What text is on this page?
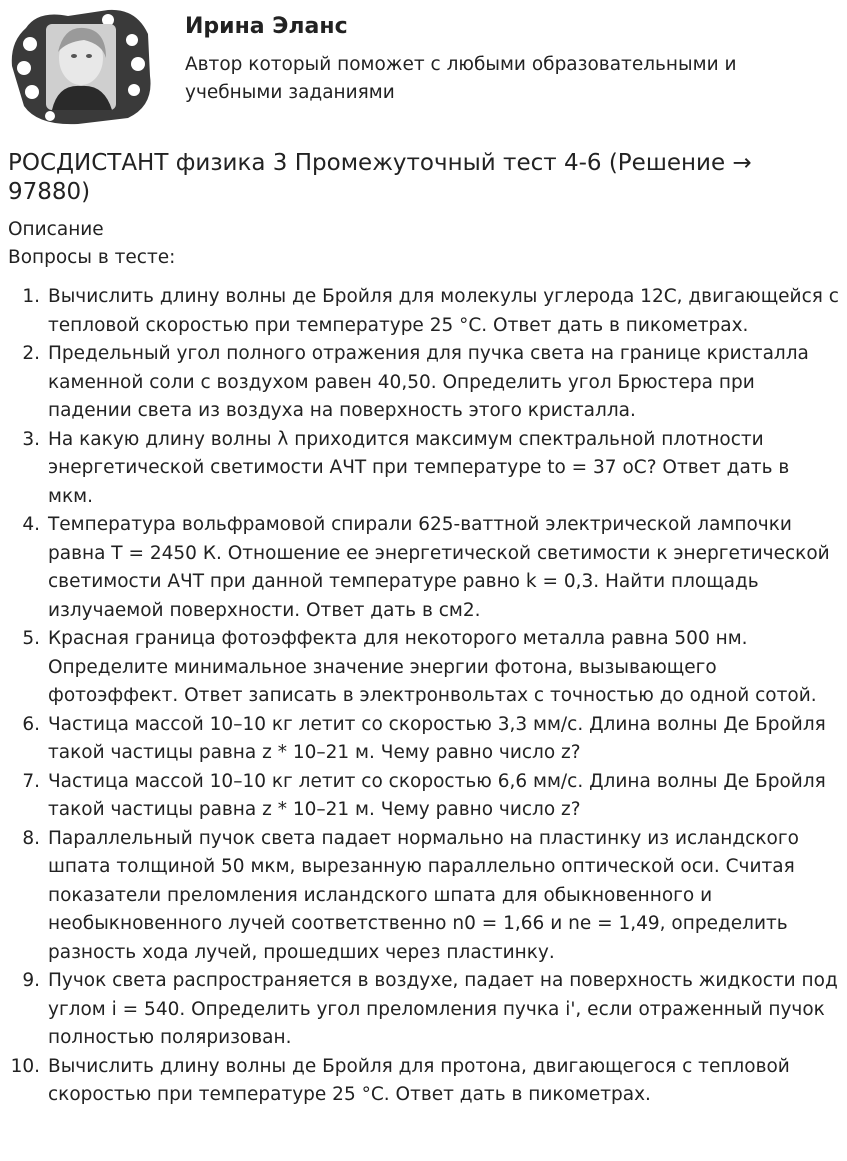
Ирина Эланс
Автор который поможет с любыми образовательными и учебными заданиями
РОСДИСТАНТ физика 3 Промежуточный тест 4-6 (Решение → 97880)
Описание
Вопросы в тесте:
1. Вычислить длину волны де Бройля для молекулы углерода 12С, двигающейся с тепловой скоростью при температуре 25 °С. Ответ дать в пикометрах.
2. Предельный угол полного отражения для пучка света на границе кристалла каменной соли с воздухом равен 40,50. Определить угол Брюстера при падении света из воздуха на поверхность этого кристалла.
3. На какую длину волны λ приходится максимум спектральной плотности энергетической светимости АЧТ при температуре to = 37 oC? Ответ дать в мкм.
4. Температура вольфрамовой спирали 625-ваттной электрической лампочки равна Т = 2450 К. Отношение ее энергетической светимости к энергетической светимости АЧТ при данной температуре равно k = 0,3. Найти площадь излучаемой поверхности. Ответ дать в см2.
5. Красная граница фотоэффекта для некоторого металла равна 500 нм. Определите минимальное значение энергии фотона, вызывающего фотоэффект. Ответ записать в электронвольтах с точностью до одной сотой.
6. Частица массой 10–10 кг летит со скоростью 3,3 мм/с. Длина волны Де Бройля такой частицы равна z * 10–21 м. Чему равно число z?
7. Частица массой 10–10 кг летит со скоростью 6,6 мм/с. Длина волны Де Бройля такой частицы равна z * 10–21 м. Чему равно число z?
8. Параллельный пучок света падает нормально на пластинку из исландского шпата толщиной 50 мкм, вырезанную параллельно оптической оси. Считая показатели преломления исландского шпата для обыкновенного и необыкновенного лучей соответственно n0 = 1,66 и ne = 1,49, определить разность хода лучей, прошедших через пластинку.
9. Пучок света распространяется в воздухе, падает на поверхность жидкости под углом i = 540. Определить угол преломления пучка i', если отраженный пучок полностью поляризован.
10. Вычислить длину волны де Бройля для протона, двигающегося с тепловой скоростью при температуре 25 °С. Ответ дать в пикометрах.
